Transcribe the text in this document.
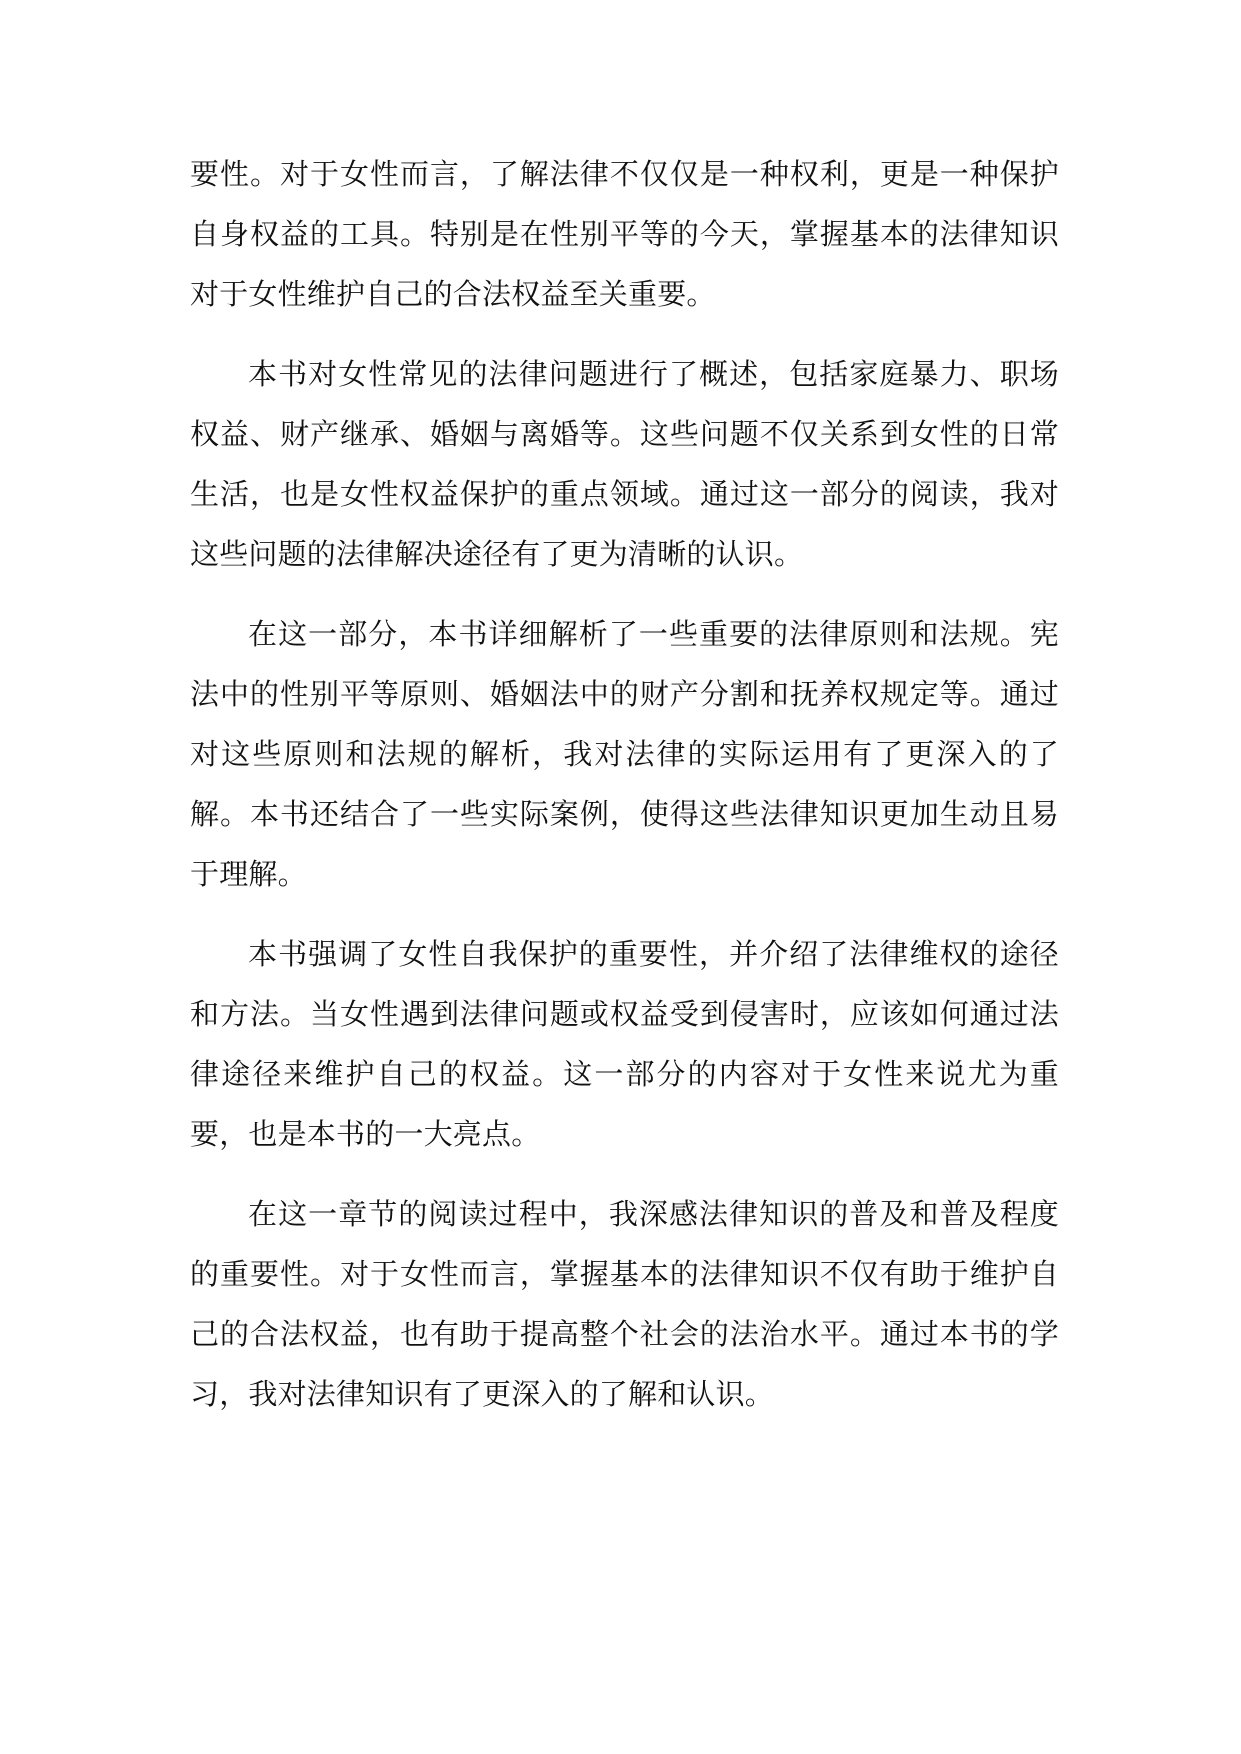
要性。对于女性而言，了解法律不仅仅是一种权利，更是一种保护自身权益的工具。特别是在性别平等的今天，掌握基本的法律知识对于女性维护自己的合法权益至关重要。

本书对女性常见的法律问题进行了概述，包括家庭暴力、职场权益、财产继承、婚姻与离婚等。这些问题不仅关系到女性的日常生活，也是女性权益保护的重点领域。通过这一部分的阅读，我对这些问题的法律解决途径有了更为清晰的认识。

在这一部分，本书详细解析了一些重要的法律原则和法规。宪法中的性别平等原则、婚姻法中的财产分割和抚养权规定等。通过对这些原则和法规的解析，我对法律的实际运用有了更深入的了解。本书还结合了一些实际案例，使得这些法律知识更加生动且易于理解。

本书强调了女性自我保护的重要性，并介绍了法律维权的途径和方法。当女性遇到法律问题或权益受到侵害时，应该如何通过法律途径来维护自己的权益。这一部分的内容对于女性来说尤为重要，也是本书的一大亮点。

在这一章节的阅读过程中，我深感法律知识的普及和普及程度的重要性。对于女性而言，掌握基本的法律知识不仅有助于维护自己的合法权益，也有助于提高整个社会的法治水平。通过本书的学习，我对法律知识有了更深入的了解和认识。
